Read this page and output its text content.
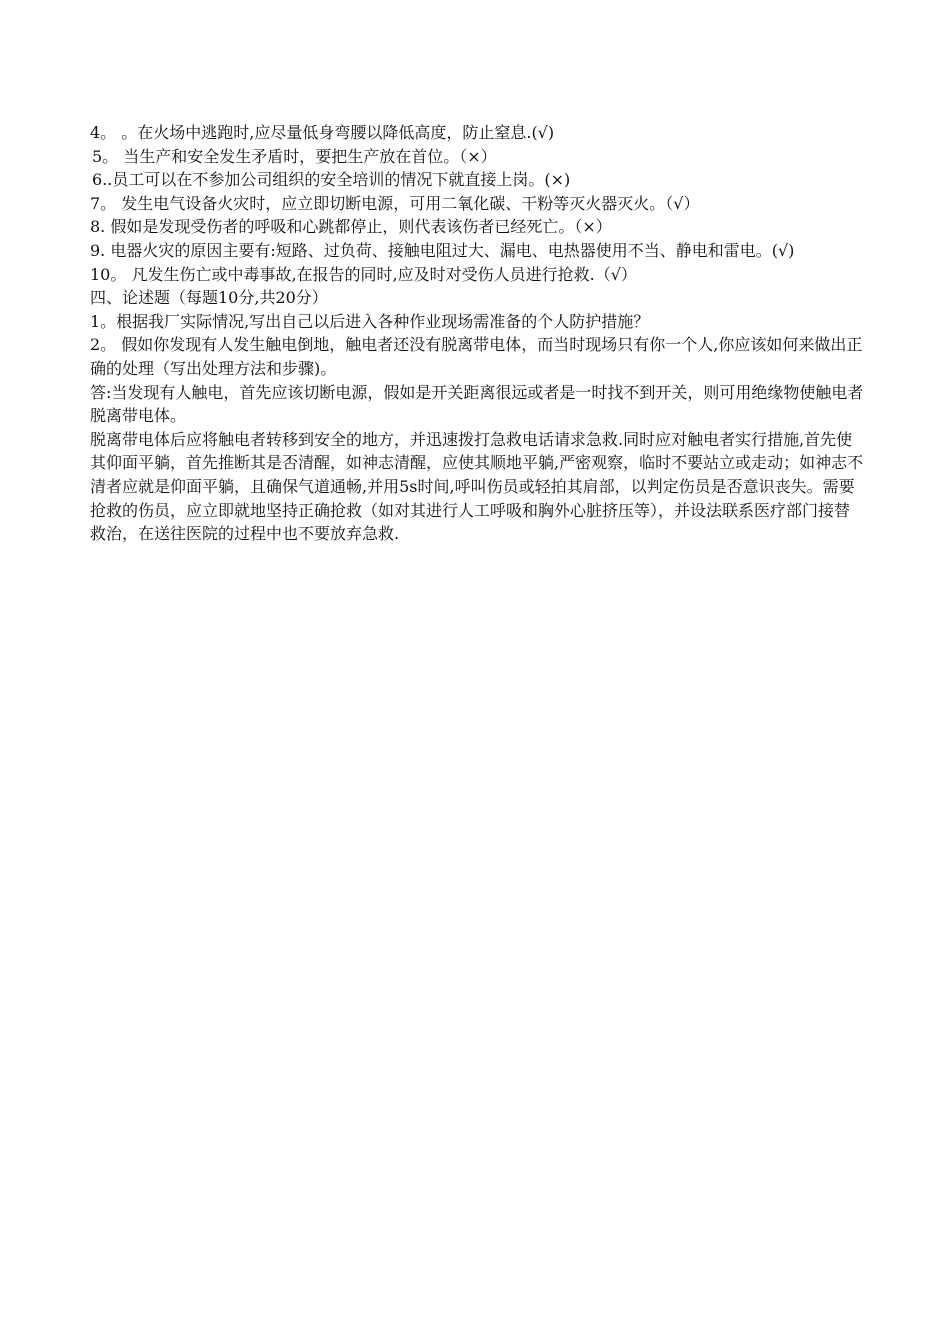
4。 。在火场中逃跑时,应尽量低身弯腰以降低高度，防止窒息.(√)

5。 当生产和安全发生矛盾时，要把生产放在首位。（×）

6..员工可以在不参加公司组织的安全培训的情况下就直接上岗。(×)

7。 发生电气设备火灾时，应立即切断电源，可用二氧化碳、干粉等灭火器灭火。（√）

8. 假如是发现受伤者的呼吸和心跳都停止，则代表该伤者已经死亡。（×）

9. 电器火灾的原因主要有:短路、过负荷、接触电阻过大、漏电、电热器使用不当、静电和雷电。(√)

10。 凡发生伤亡或中毒事故,在报告的同时,应及时对受伤人员进行抢救.（√）

四、论述题（每题10分,共20分）

1。根据我厂实际情况,写出自己以后进入各种作业现场需准备的个人防护措施？

2。 假如你发现有人发生触电倒地，触电者还没有脱离带电体，而当时现场只有你一个人,你应该如何来做出正确的处理（写出处理方法和步骤)。

答:当发现有人触电，首先应该切断电源，假如是开关距离很远或者是一时找不到开关，则可用绝缘物使触电者脱离带电体。

脱离带电体后应将触电者转移到安全的地方，并迅速拨打急救电话请求急救.同时应对触电者实行措施,首先使其仰面平躺，首先推断其是否清醒，如神志清醒，应使其顺地平躺,严密观察，临时不要站立或走动；如神志不清者应就是仰面平躺，且确保气道通畅,并用5s时间,呼叫伤员或轻拍其肩部，以判定伤员是否意识丧失。需要抢救的伤员，应立即就地坚持正确抢救（如对其进行人工呼吸和胸外心脏挤压等），并设法联系医疗部门接替救治，在送往医院的过程中也不要放弃急救.
